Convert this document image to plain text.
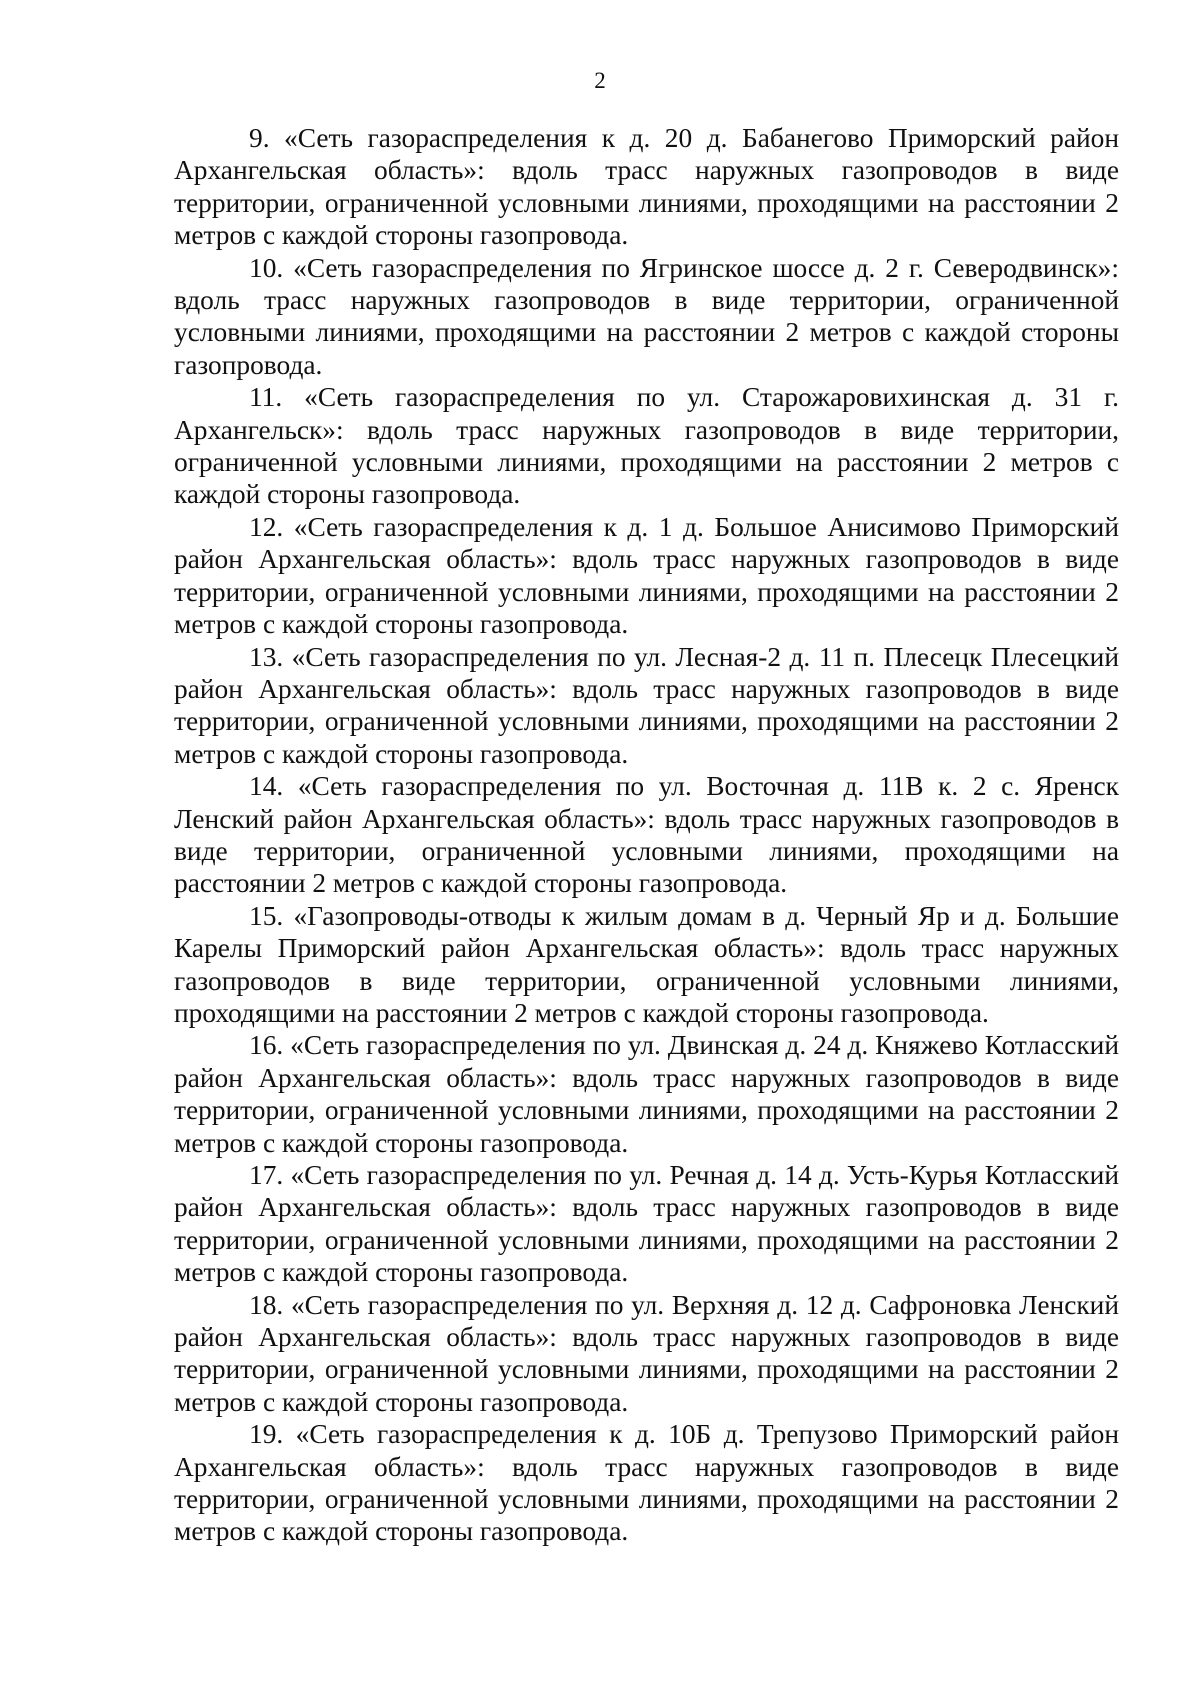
2

9. «Сеть газораспределения к д. 20 д. Бабанегово Приморский район Архангельская область»: вдоль трасс наружных газопроводов в виде территории, ограниченной условными линиями, проходящими на расстоянии 2 метров с каждой стороны газопровода.

10. «Сеть газораспределения по Ягринское шоссе д. 2 г. Северодвинск»: вдоль трасс наружных газопроводов в виде территории, ограниченной условными линиями, проходящими на расстоянии 2 метров с каждой стороны газопровода.

11. «Сеть газораспределения по ул. Старожаровихинская д. 31 г. Архангельск»: вдоль трасс наружных газопроводов в виде территории, ограниченной условными линиями, проходящими на расстоянии 2 метров с каждой стороны газопровода.

12. «Сеть газораспределения к д. 1 д. Большое Анисимово Приморский район Архангельская область»: вдоль трасс наружных газопроводов в виде территории, ограниченной условными линиями, проходящими на расстоянии 2 метров с каждой стороны газопровода.

13. «Сеть газораспределения по ул. Лесная-2 д. 11 п. Плесецк Плесецкий район Архангельская область»: вдоль трасс наружных газопроводов в виде территории, ограниченной условными линиями, проходящими на расстоянии 2 метров с каждой стороны газопровода.

14. «Сеть газораспределения по ул. Восточная д. 11В к. 2 с. Яренск Ленский район Архангельская область»: вдоль трасс наружных газопроводов в виде территории, ограниченной условными линиями, проходящими на расстоянии 2 метров с каждой стороны газопровода.

15. «Газопроводы-отводы к жилым домам в д. Черный Яр и д. Большие Карелы Приморский район Архангельская область»: вдоль трасс наружных газопроводов в виде территории, ограниченной условными линиями, проходящими на расстоянии 2 метров с каждой стороны газопровода.

16. «Сеть газораспределения по ул. Двинская д. 24 д. Княжево Котласский район Архангельская область»: вдоль трасс наружных газопроводов в виде территории, ограниченной условными линиями, проходящими на расстоянии 2 метров с каждой стороны газопровода.

17. «Сеть газораспределения по ул. Речная д. 14 д. Усть-Курья Котласский район Архангельская область»: вдоль трасс наружных газопроводов в виде территории, ограниченной условными линиями, проходящими на расстоянии 2 метров с каждой стороны газопровода.

18. «Сеть газораспределения по ул. Верхняя д. 12 д. Сафроновка Ленский район Архангельская область»: вдоль трасс наружных газопроводов в виде территории, ограниченной условными линиями, проходящими на расстоянии 2 метров с каждой стороны газопровода.

19. «Сеть газораспределения к д. 10Б д. Трепузово Приморский район Архангельская область»: вдоль трасс наружных газопроводов в виде территории, ограниченной условными линиями, проходящими на расстоянии 2 метров с каждой стороны газопровода.
